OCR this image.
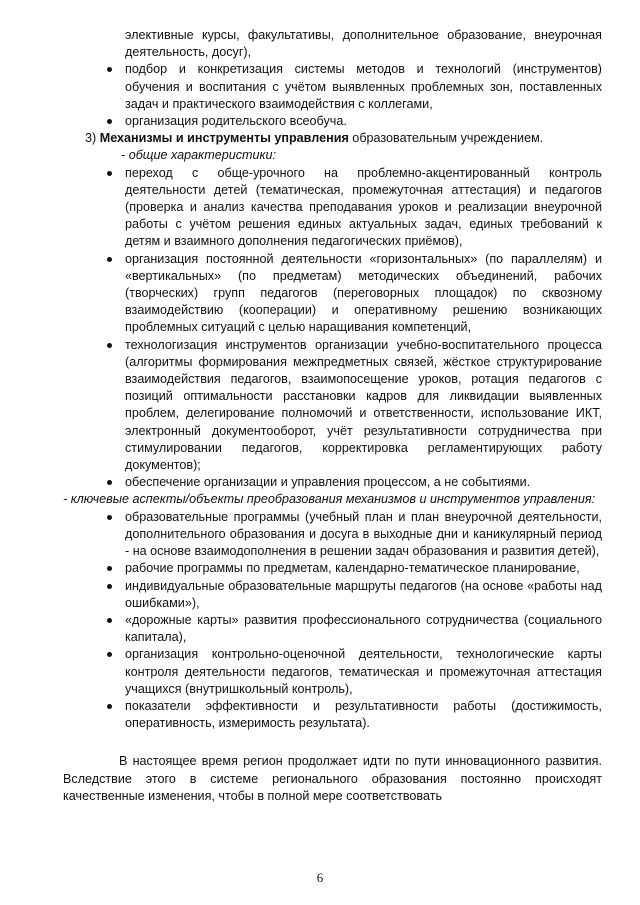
элективные курсы, факультативы, дополнительное образование, внеурочная деятельность, досуг),
подбор и конкретизация системы методов и технологий (инструментов) обучения и воспитания с учётом выявленных проблемных зон, поставленных задач и практического взаимодействия с коллегами,
организация родительского всеобуча.
3) Механизмы и инструменты управления образовательным учреждением.
- общие характеристики:
переход с обще-урочного на проблемно-акцентированный контроль деятельности детей (тематическая, промежуточная аттестация) и педагогов (проверка и анализ качества преподавания уроков и реализации внеурочной работы с учётом решения единых актуальных задач, единых требований к детям и взаимного дополнения педагогических приёмов),
организация постоянной деятельности «горизонтальных» (по параллелям) и «вертикальных» (по предметам) методических объединений, рабочих (творческих) групп педагогов (переговорных площадок) по сквозному взаимодействию (кооперации) и оперативному решению возникающих проблемных ситуаций с целью наращивания компетенций,
технологизация инструментов организации учебно-воспитательного процесса (алгоритмы формирования межпредметных связей, жёсткое структурирование взаимодействия педагогов, взаимопосещение уроков, ротация педагогов с позиций оптимальности расстановки кадров для ликвидации выявленных проблем, делегирование полномочий и ответственности, использование ИКТ, электронный документооборот, учёт результативности сотрудничества при стимулировании педагогов, корректировка регламентирующих работу документов);
обеспечение организации и управления процессом, а не событиями.
- ключевые аспекты/объекты преобразования механизмов и инструментов управления:
образовательные программы (учебный план и план внеурочной деятельности, дополнительного образования и досуга в выходные дни и каникулярный период - на основе взаимодополнения в решении задач образования и развития детей),
рабочие программы по предметам, календарно-тематическое планирование,
индивидуальные образовательные маршруты педагогов (на основе «работы над ошибками»),
«дорожные карты» развития профессионального сотрудничества (социального капитала),
организация контрольно-оценочной деятельности, технологические карты контроля деятельности педагогов, тематическая и промежуточная аттестация учащихся (внутришкольный контроль),
показатели эффективности и результативности работы (достижимость, оперативность, измеримость результата).

В настоящее время регион продолжает идти по пути инновационного развития. Вследствие этого в системе регионального образования постоянно происходят качественные изменения, чтобы в полной мере соответствовать

6
